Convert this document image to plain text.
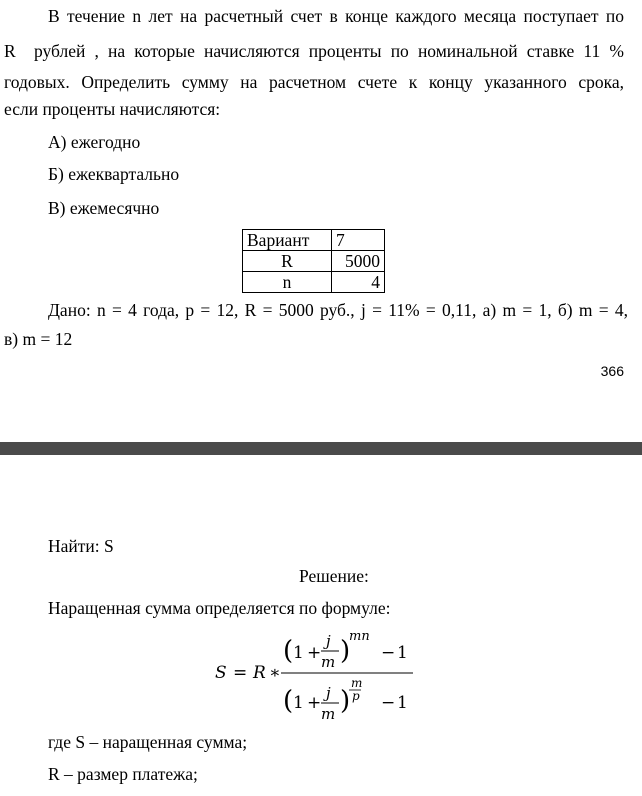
В течение n лет на расчетный счет в конце каждого месяца поступает по
R  рублей , на которые начисляются проценты по номинальной ставке 11 %
годовых. Определить сумму на расчетном счете к концу указанного срока,
если проценты начисляются:
А) ежегодно
Б) ежеквартально
В) ежемесячно
Вариант	7
R	5000
n	4
Дано: n = 4 года, р = 12, R = 5000 руб., j = 11% = 0,11, а) m = 1, б) m = 4,
в) m = 12
366
Найти: S
Решение:
Наращенная сумма определяется по формуле:
где S – наращенная сумма;
R – размер платежа;
S = R ∗
( 1 +
j
m )
mn
− 1
( 1 + j
m )
m
p − 1
